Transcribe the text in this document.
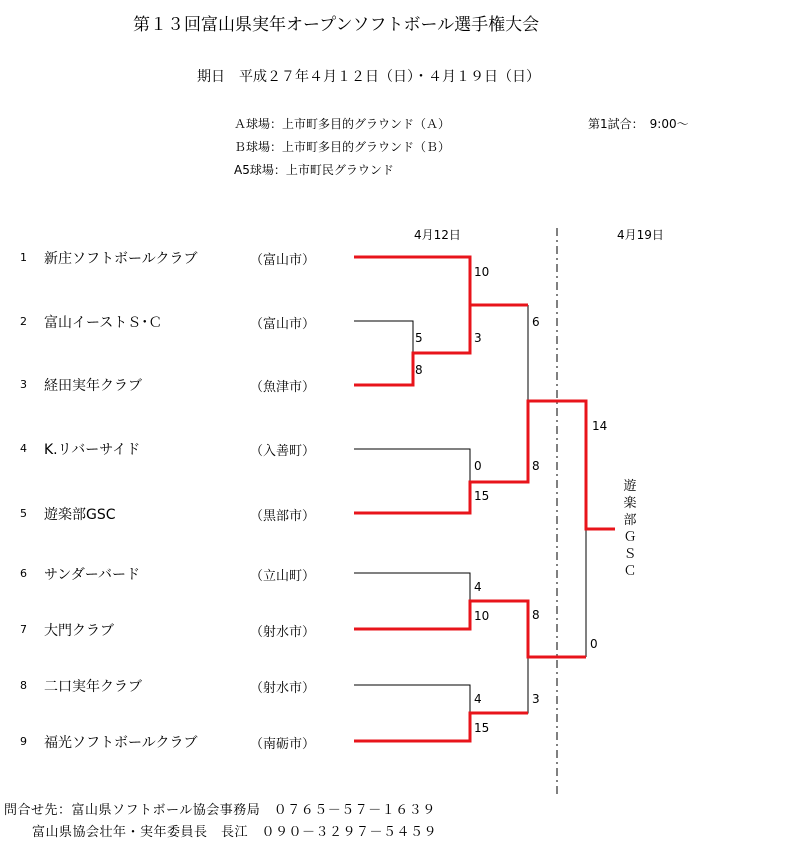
第１３回富山県実年オープンソフトボール選手権大会
期日　平成２７年４月１２日（日）・４月１９日（日）
Ａ球場：上市町多目的グラウンド（Ａ）
Ｂ球場：上市町多目的グラウンド（Ｂ）
A5球場：上市町民グラウンド
第1試合：　9:00～
4月12日	4月19日
1 新庄ソフトボールクラブ	（富山市）
2 富山イーストＳ･Ｃ	（富山市）
3 経田実年クラブ	（魚津市）
4 K.リバーサイド	（入善町）
5 遊楽部GSC	（黒部市）
6 サンダーバード	（立山町）
7 大門クラブ	（射水市）
8 二口実年クラブ	（射水市）
9 福光ソフトボールクラブ	（南砺市）
5
8
10
3
0
15
4
10
4
15
6
8
8
3
14
0
遊
楽
部
Ｇ
Ｓ
Ｃ
問合せ先：富山県ソフトボール協会事務局　０７６５－５７－１６３９
富山県協会壮年・実年委員長　長江　０９０－３２９７－５４５９
